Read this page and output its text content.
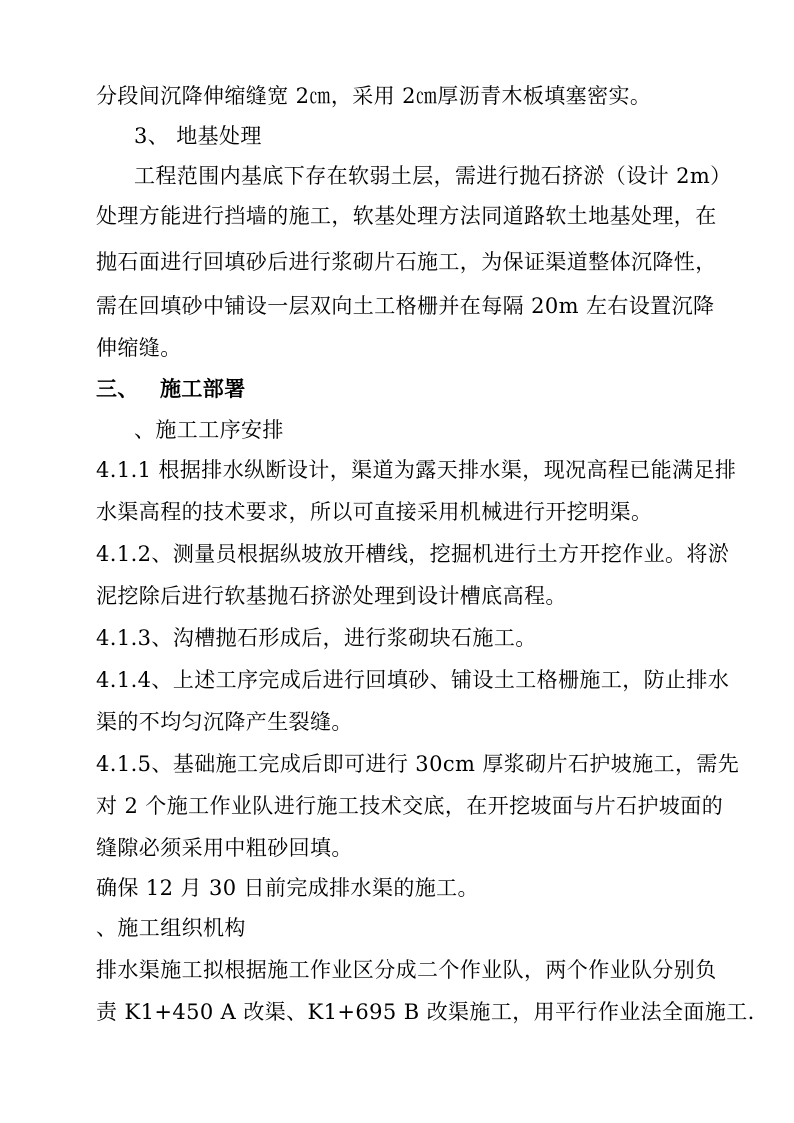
分段间沉降伸缩缝宽 2㎝，采用 2㎝厚沥青木板填塞密实。
3、 地基处理
工程范围内基底下存在软弱土层，需进行抛石挤淤（设计 2m）
处理方能进行挡墙的施工，软基处理方法同道路软土地基处理，在
抛石面进行回填砂后进行浆砌片石施工，为保证渠道整体沉降性，
需在回填砂中铺设一层双向土工格栅并在每隔 20m 左右设置沉降
伸缩缝。
三、 施工部署
、施工工序安排
4.1.1 根据排水纵断设计，渠道为露天排水渠，现况高程已能满足排
水渠高程的技术要求，所以可直接采用机械进行开挖明渠。
4.1.2、测量员根据纵坡放开槽线，挖掘机进行土方开挖作业。将淤
泥挖除后进行软基抛石挤淤处理到设计槽底高程。
4.1.3、沟槽抛石形成后，进行浆砌块石施工。
4.1.4、上述工序完成后进行回填砂、铺设土工格栅施工，防止排水
渠的不均匀沉降产生裂缝。
4.1.5、基础施工完成后即可进行 30cm 厚浆砌片石护坡施工，需先
对 2 个施工作业队进行施工技术交底，在开挖坡面与片石护坡面的
缝隙必须采用中粗砂回填。
确保 12 月 30 日前完成排水渠的施工。
、施工组织机构
排水渠施工拟根据施工作业区分成二个作业队，两个作业队分别负
责 K1+450 A 改渠、K1+695 B 改渠施工，用平行作业法全面施工.
